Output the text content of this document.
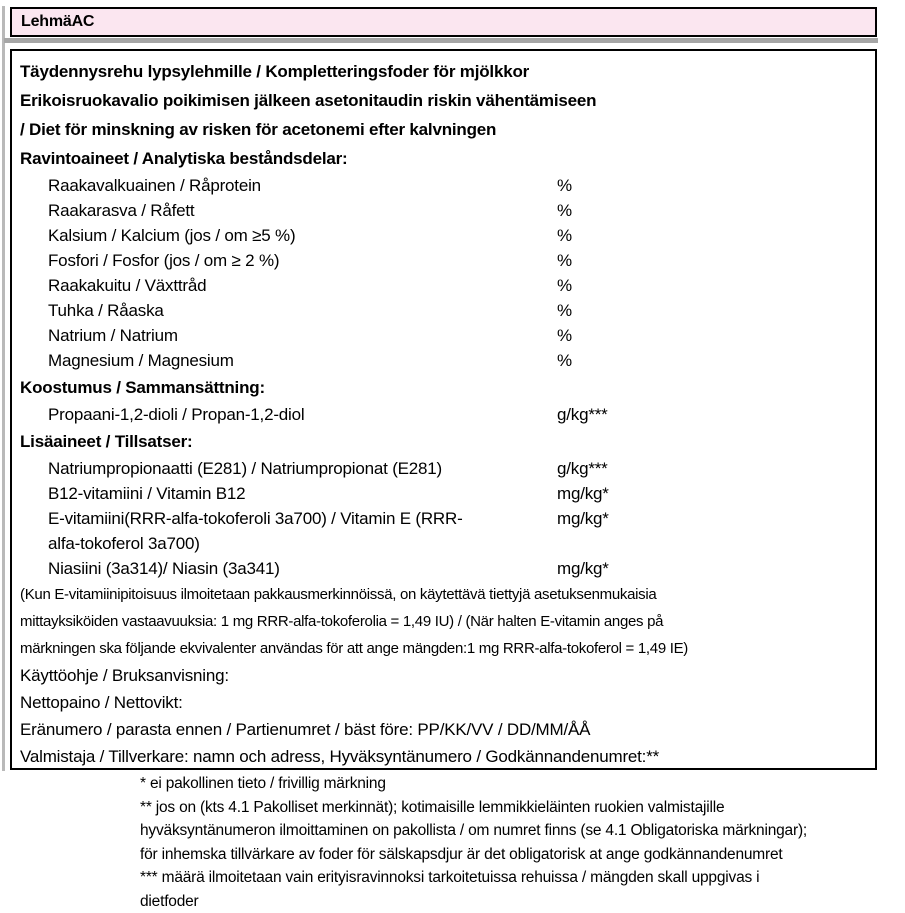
LehmäAC
Täydennysrehu lypsylehmille / Kompletteringsfoder för mjölkkor
Erikoisruokavalio poikimisen jälkeen asetonitaudin riskin vähentämiseen
/ Diet för minskning av risken för acetonemi efter kalvningen
Ravintoaineet / Analytiska beståndsdelar:
Raakavalkuainen / Råprotein	%
Raakarasva / Råfett	%
Kalsium / Kalcium (jos / om ≥5 %)	%
Fosfori / Fosfor (jos / om ≥ 2 %)	%
Raakakuitu / Växttråd	%
Tuhka / Råaska	%
Natrium / Natrium	%
Magnesium / Magnesium	%
Koostumus / Sammansättning:
Propaani-1,2-dioli / Propan-1,2-diol	g/kg***
Lisäaineet / Tillsatser:
Natriumpropionaatti (E281) / Natriumpropionat (E281)	g/kg***
B12-vitamiini / Vitamin B12	mg/kg*
E-vitamiini(RRR-alfa-tokoferoli 3a700) / Vitamin E (RRR-	mg/kg*
alfa-tokoferol 3a700)
Niasiini (3a314)/ Niasin (3a341)	mg/kg*
(Kun E-vitamiinipitoisuus ilmoitetaan pakkausmerkinnöissä, on käytettävä tiettyjä asetuksenmukaisia
mittayksiköiden vastaavuuksia: 1 mg RRR-alfa-tokoferolia = 1,49 IU) / (När halten E-vitamin anges på
märkningen ska följande ekvivalenter användas för att ange mängden:1 mg RRR-alfa-tokoferol = 1,49 IE)
Käyttöohje / Bruksanvisning:
Nettopaino / Nettovikt:
Eränumero / parasta ennen / Partienumret / bäst före: PP/KK/VV / DD/MM/ÅÅ
Valmistaja / Tillverkare: namn och adress, Hyväksyntänumero / Godkännandenumret:**
* ei pakollinen tieto / frivillig märkning
** jos on (kts 4.1 Pakolliset merkinnät); kotimaisille lemmikkieläinten ruokien valmistajille
hyväksyntänumeron ilmoittaminen on pakollista / om numret finns (se 4.1 Obligatoriska märkningar);
för inhemska tillvärkare av foder för sälskapsdjur är det obligatorisk at ange godkännandenumret
*** määrä ilmoitetaan vain erityisravinnoksi tarkoitetuissa rehuissa / mängden skall uppgivas i
dietfoder
